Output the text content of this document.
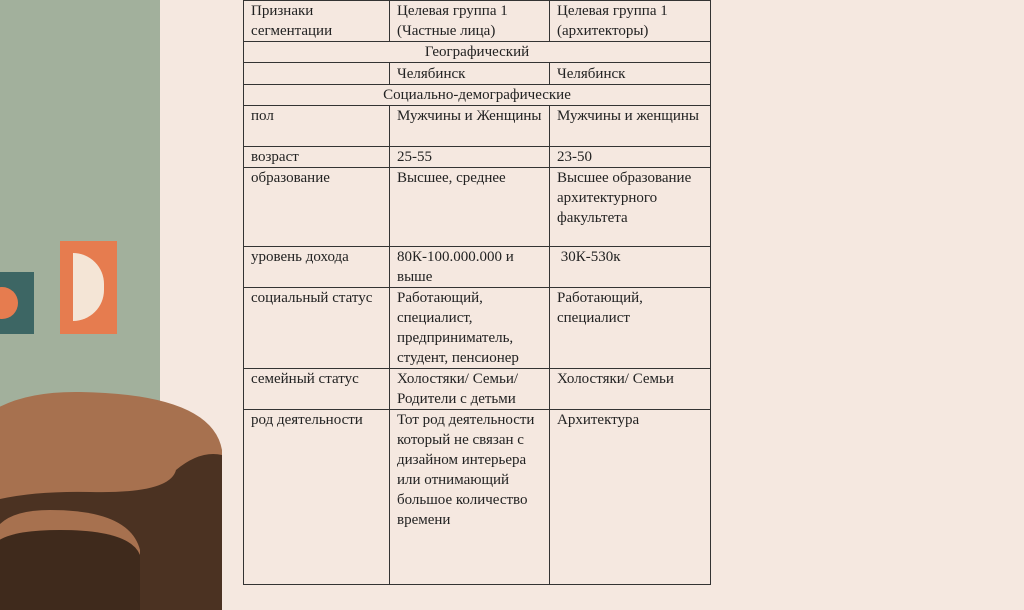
Признаки сегментации	Целевая группа 1 (Частные лица)	Целевая группа 1 (архитекторы)
Географический		
	Челябинск	Челябинск
Социально-демографические		
пол	Мужчины и Женщины	Мужчины и женщины
возраст	25-55	23-50
образование	Высшее, среднее	Высшее образование архитектурного факультета
уровень дохода	80К-100.000.000 и выше	30К-530к
социальный статус	Работающий, специалист, предприниматель, студент, пенсионер	Работающий, специалист
семейный статус	Холостяки/ Семьи/ Родители с детьми	Холостяки/ Семьи
род деятельности	Тот род деятельности который не связан с дизайном интерьера или отнимающий большое количество времени	Архитектура
